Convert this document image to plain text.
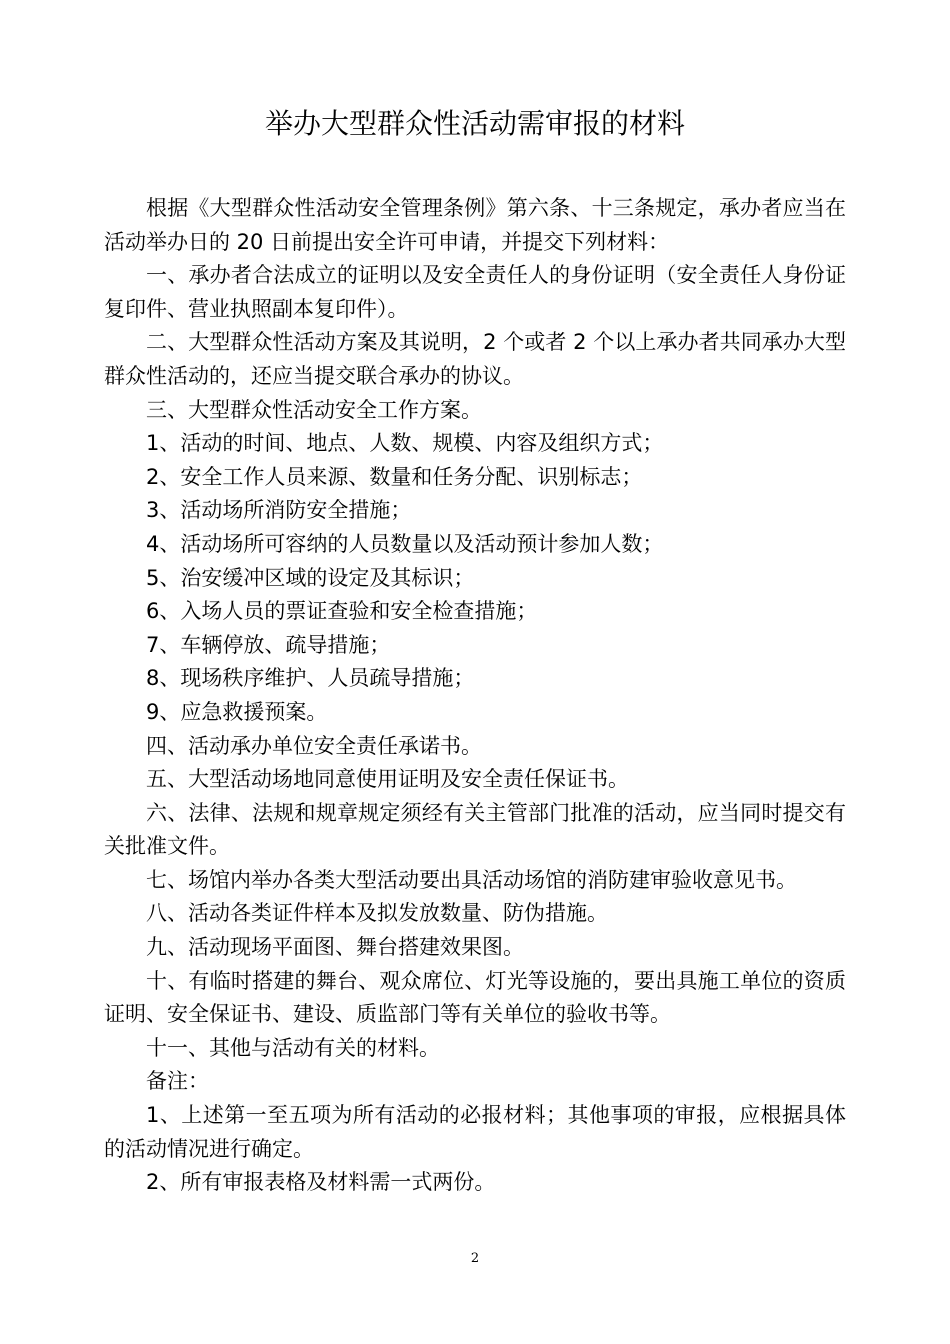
举办大型群众性活动需审报的材料

根据《大型群众性活动安全管理条例》第六条、十三条规定，承办者应当在活动举办日的 20 日前提出安全许可申请，并提交下列材料：

一、承办者合法成立的证明以及安全责任人的身份证明（安全责任人身份证复印件、营业执照副本复印件）。

二、大型群众性活动方案及其说明，2 个或者 2 个以上承办者共同承办大型群众性活动的，还应当提交联合承办的协议。

三、大型群众性活动安全工作方案。

1、活动的时间、地点、人数、规模、内容及组织方式；

2、安全工作人员来源、数量和任务分配、识别标志；

3、活动场所消防安全措施；

4、活动场所可容纳的人员数量以及活动预计参加人数；

5、治安缓冲区域的设定及其标识；

6、入场人员的票证查验和安全检查措施；

7、车辆停放、疏导措施；

8、现场秩序维护、人员疏导措施；

9、应急救援预案。

四、活动承办单位安全责任承诺书。

五、大型活动场地同意使用证明及安全责任保证书。

六、法律、法规和规章规定须经有关主管部门批准的活动，应当同时提交有关批准文件。

七、场馆内举办各类大型活动要出具活动场馆的消防建审验收意见书。

八、活动各类证件样本及拟发放数量、防伪措施。

九、活动现场平面图、舞台搭建效果图。

十、有临时搭建的舞台、观众席位、灯光等设施的，要出具施工单位的资质证明、安全保证书、建设、质监部门等有关单位的验收书等。

十一、其他与活动有关的材料。

备注：

1、上述第一至五项为所有活动的必报材料；其他事项的审报，应根据具体的活动情况进行确定。

2、所有审报表格及材料需一式两份。

2
